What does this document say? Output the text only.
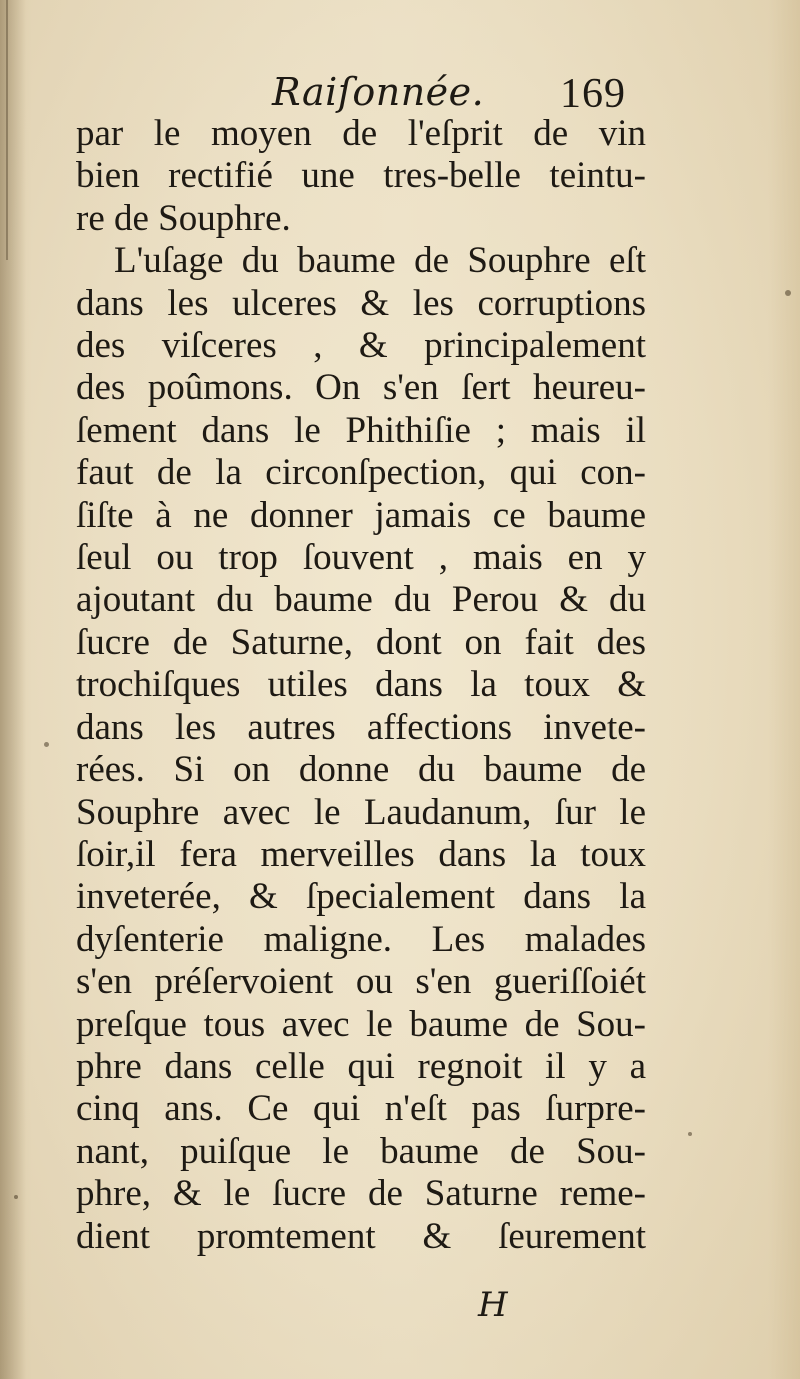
Raiſonnée. 169
par le moyen de l'eſprit de vin
bien rectifié une tres-belle teintu-
re de Souphre.
L'uſage du baume de Souphre eſt
dans les ulceres & les corruptions
des viſceres , & principalement
des poûmons. On s'en ſert heureu-
ſement dans le Phithiſie ; mais il
faut de la circonſpection, qui con-
ſiſte à ne donner jamais ce baume
ſeul ou trop ſouvent , mais en y
ajoutant du baume du Perou & du
ſucre de Saturne, dont on fait des
trochiſques utiles dans la toux &
dans les autres affections invete-
rées. Si on donne du baume de
Souphre avec le Laudanum, ſur le
ſoir,il fera merveilles dans la toux
inveterée, & ſpecialement dans la
dyſenterie maligne. Les malades
s'en préſervoient ou s'en gueriſſoiét
preſque tous avec le baume de Sou-
phre dans celle qui regnoit il y a
cinq ans. Ce qui n'eſt pas ſurpre-
nant, puiſque le baume de Sou-
phre, & le ſucre de Saturne reme-
dient promtement & ſeurement
H
